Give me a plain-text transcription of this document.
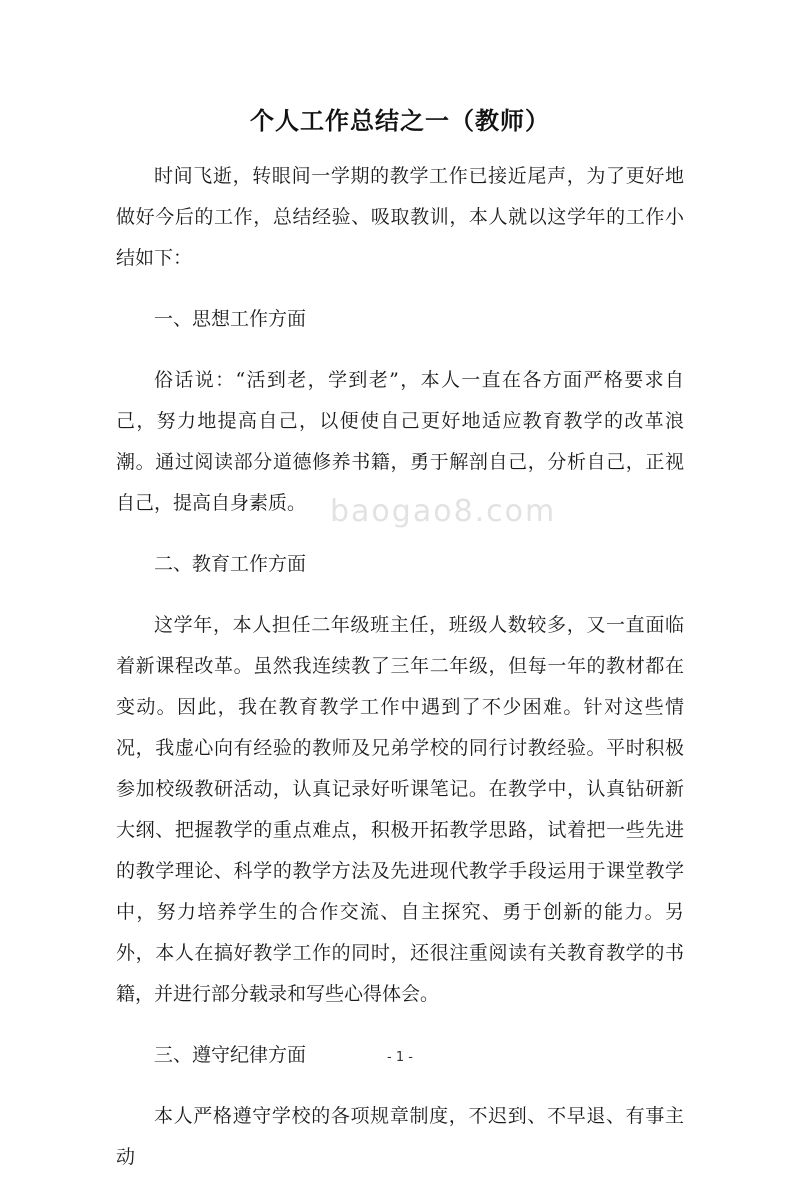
个人工作总结之一（教师）

时间飞逝，转眼间一学期的教学工作已接近尾声，为了更好地做好今后的工作，总结经验、吸取教训，本人就以这学年的工作小结如下：

一、思想工作方面

俗话说：“活到老，学到老”，本人一直在各方面严格要求自己，努力地提高自己，以便使自己更好地适应教育教学的改革浪潮。通过阅读部分道德修养书籍，勇于解剖自己，分析自己，正视自己，提高自身素质。

二、教育工作方面

这学年，本人担任二年级班主任，班级人数较多，又一直面临着新课程改革。虽然我连续教了三年二年级，但每一年的教材都在变动。因此，我在教育教学工作中遇到了不少困难。针对这些情况，我虚心向有经验的教师及兄弟学校的同行讨教经验。平时积极参加校级教研活动，认真记录好听课笔记。在教学中，认真钻研新大纲、把握教学的重点难点，积极开拓教学思路，试着把一些先进的教学理论、科学的教学方法及先进现代教学手段运用于课堂教学中，努力培养学生的合作交流、自主探究、勇于创新的能力。另外，本人在搞好教学工作的同时，还很注重阅读有关教育教学的书籍，并进行部分载录和写些心得体会。

三、遵守纪律方面

本人严格遵守学校的各项规章制度，不迟到、不早退、有事主动

baogao8.com
- 1 -
